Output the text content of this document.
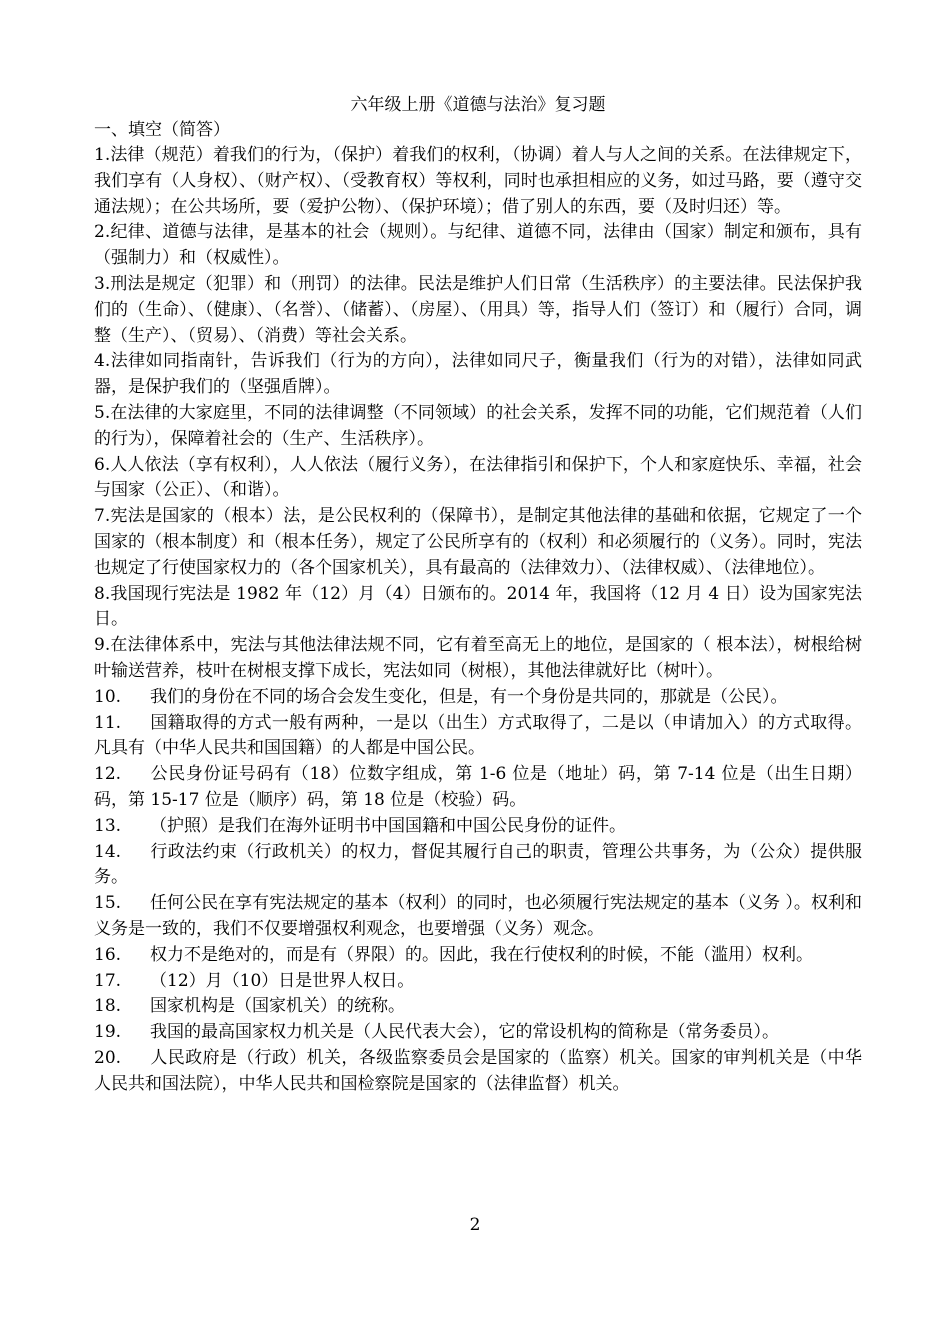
六年级上册《道德与法治》复习题

一、填空（简答）

1.法律（规范）着我们的行为，（保护）着我们的权利，（协调）着人与人之间的关系。在法律规定下，我们享有（人身权）、（财产权）、（受教育权）等权利，同时也承担相应的义务，如过马路，要（遵守交通法规）；在公共场所，要（爱护公物）、（保护环境）；借了别人的东西，要（及时归还）等。

2.纪律、道德与法律，是基本的社会（规则）。与纪律、道德不同，法律由（国家）制定和颁布，具有（强制力）和（权威性）。

3.刑法是规定（犯罪）和（刑罚）的法律。民法是维护人们日常（生活秩序）的主要法律。民法保护我们的（生命）、（健康）、（名誉）、（储蓄）、（房屋）、（用具）等，指导人们（签订）和（履行）合同，调整（生产）、（贸易）、（消费）等社会关系。

4.法律如同指南针，告诉我们（行为的方向），法律如同尺子，衡量我们（行为的对错），法律如同武器，是保护我们的（坚强盾牌）。

5.在法律的大家庭里，不同的法律调整（不同领域）的社会关系，发挥不同的功能，它们规范着（人们的行为），保障着社会的（生产、生活秩序）。

6.人人依法（享有权利），人人依法（履行义务），在法律指引和保护下，个人和家庭快乐、幸福，社会与国家（公正）、（和谐）。

7.宪法是国家的（根本）法，是公民权利的（保障书），是制定其他法律的基础和依据，它规定了一个国家的（根本制度）和（根本任务），规定了公民所享有的（权利）和必须履行的（义务）。同时，宪法也规定了行使国家权力的（各个国家机关），具有最高的（法律效力）、（法律权威）、（法律地位）。

8.我国现行宪法是 1982 年（12）月（4）日颁布的。2014 年，我国将（12 月 4 日）设为国家宪法日。

9.在法律体系中，宪法与其他法律法规不同，它有着至高无上的地位，是国家的（ 根本法），树根给树叶输送营养，枝叶在树根支撑下成长，宪法如同（树根），其他法律就好比（树叶）。

10. 我们的身份在不同的场合会发生变化，但是，有一个身份是共同的，那就是（公民）。

11. 国籍取得的方式一般有两种，一是以（出生）方式取得了，二是以（申请加入）的方式取得。凡具有（中华人民共和国国籍）的人都是中国公民。

12. 公民身份证号码有（18）位数字组成，第 1-6 位是（地址）码，第 7-14 位是（出生日期）码，第 15-17 位是（顺序）码，第 18 位是（校验）码。

13. （护照）是我们在海外证明书中国国籍和中国公民身份的证件。

14. 行政法约束（行政机关）的权力，督促其履行自己的职责，管理公共事务，为（公众）提供服务。

15. 任何公民在享有宪法规定的基本（权利）的同时，也必须履行宪法规定的基本（义务 ）。权利和义务是一致的，我们不仅要增强权利观念，也要增强（义务）观念。

16. 权力不是绝对的，而是有（界限）的。因此，我在行使权利的时候，不能（滥用）权利。

17. （12）月（10）日是世界人权日。

18. 国家机构是（国家机关）的统称。

19. 我国的最高国家权力机关是（人民代表大会），它的常设机构的简称是（常务委员）。

20. 人民政府是（行政）机关，各级监察委员会是国家的（监察）机关。国家的审判机关是（中华人民共和国法院），中华人民共和国检察院是国家的（法律监督）机关。

2
